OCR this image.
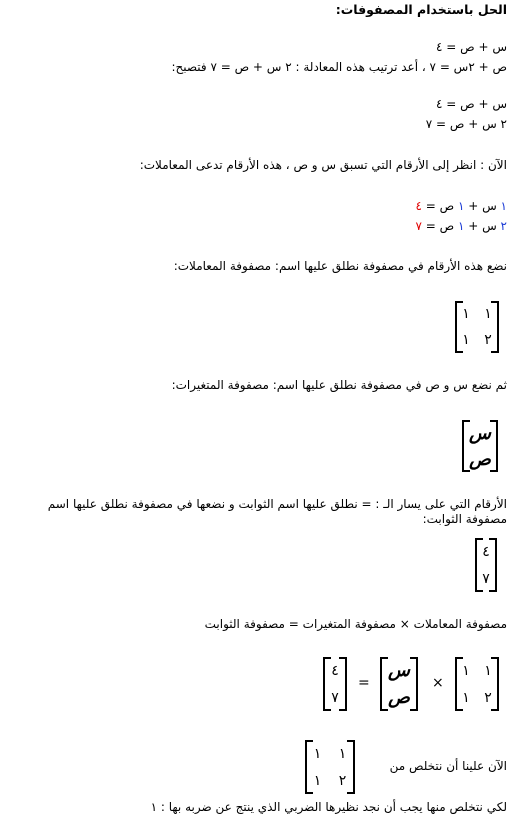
الحل باستخدام المصفوفات:
س + ص = ٤
ص + ٢س = ٧ ، أعد ترتيب هذه المعادلة : ٢ س + ص = ٧ فتصبح:
س + ص = ٤
٢ س + ص = ٧
الآن : انظر إلى الأرقام التي تسبق س و ص ، هذه الأرقام تدعى المعاملات:
١ س + ١ ص = ٤
٢ س + ١ ص = ٧
نضع هذه الأرقام في مصفوفة نطلق عليها اسم: مصفوفة المعاملات:
١
١
٢
١
ثم نضع س و ص في مصفوفة نطلق عليها اسم: مصفوفة المتغيرات:
س
ص
الأرقام التي على يسار الـ : = نطلق عليها اسم الثوابت و نضعها في مصفوفة نطلق عليها اسم
مصفوفة الثوابت:
٤
٧
مصفوفة المعاملات × مصفوفة المتغيرات = مصفوفة الثوابت
١
١
٢
١
×
س
ص
=
٤
٧
الآن علينا أن نتخلص من
١
١
٢
١
لكي نتخلص منها يجب أن نجد نظيرها الضربي الذي ينتج عن ضربه بها : ١
